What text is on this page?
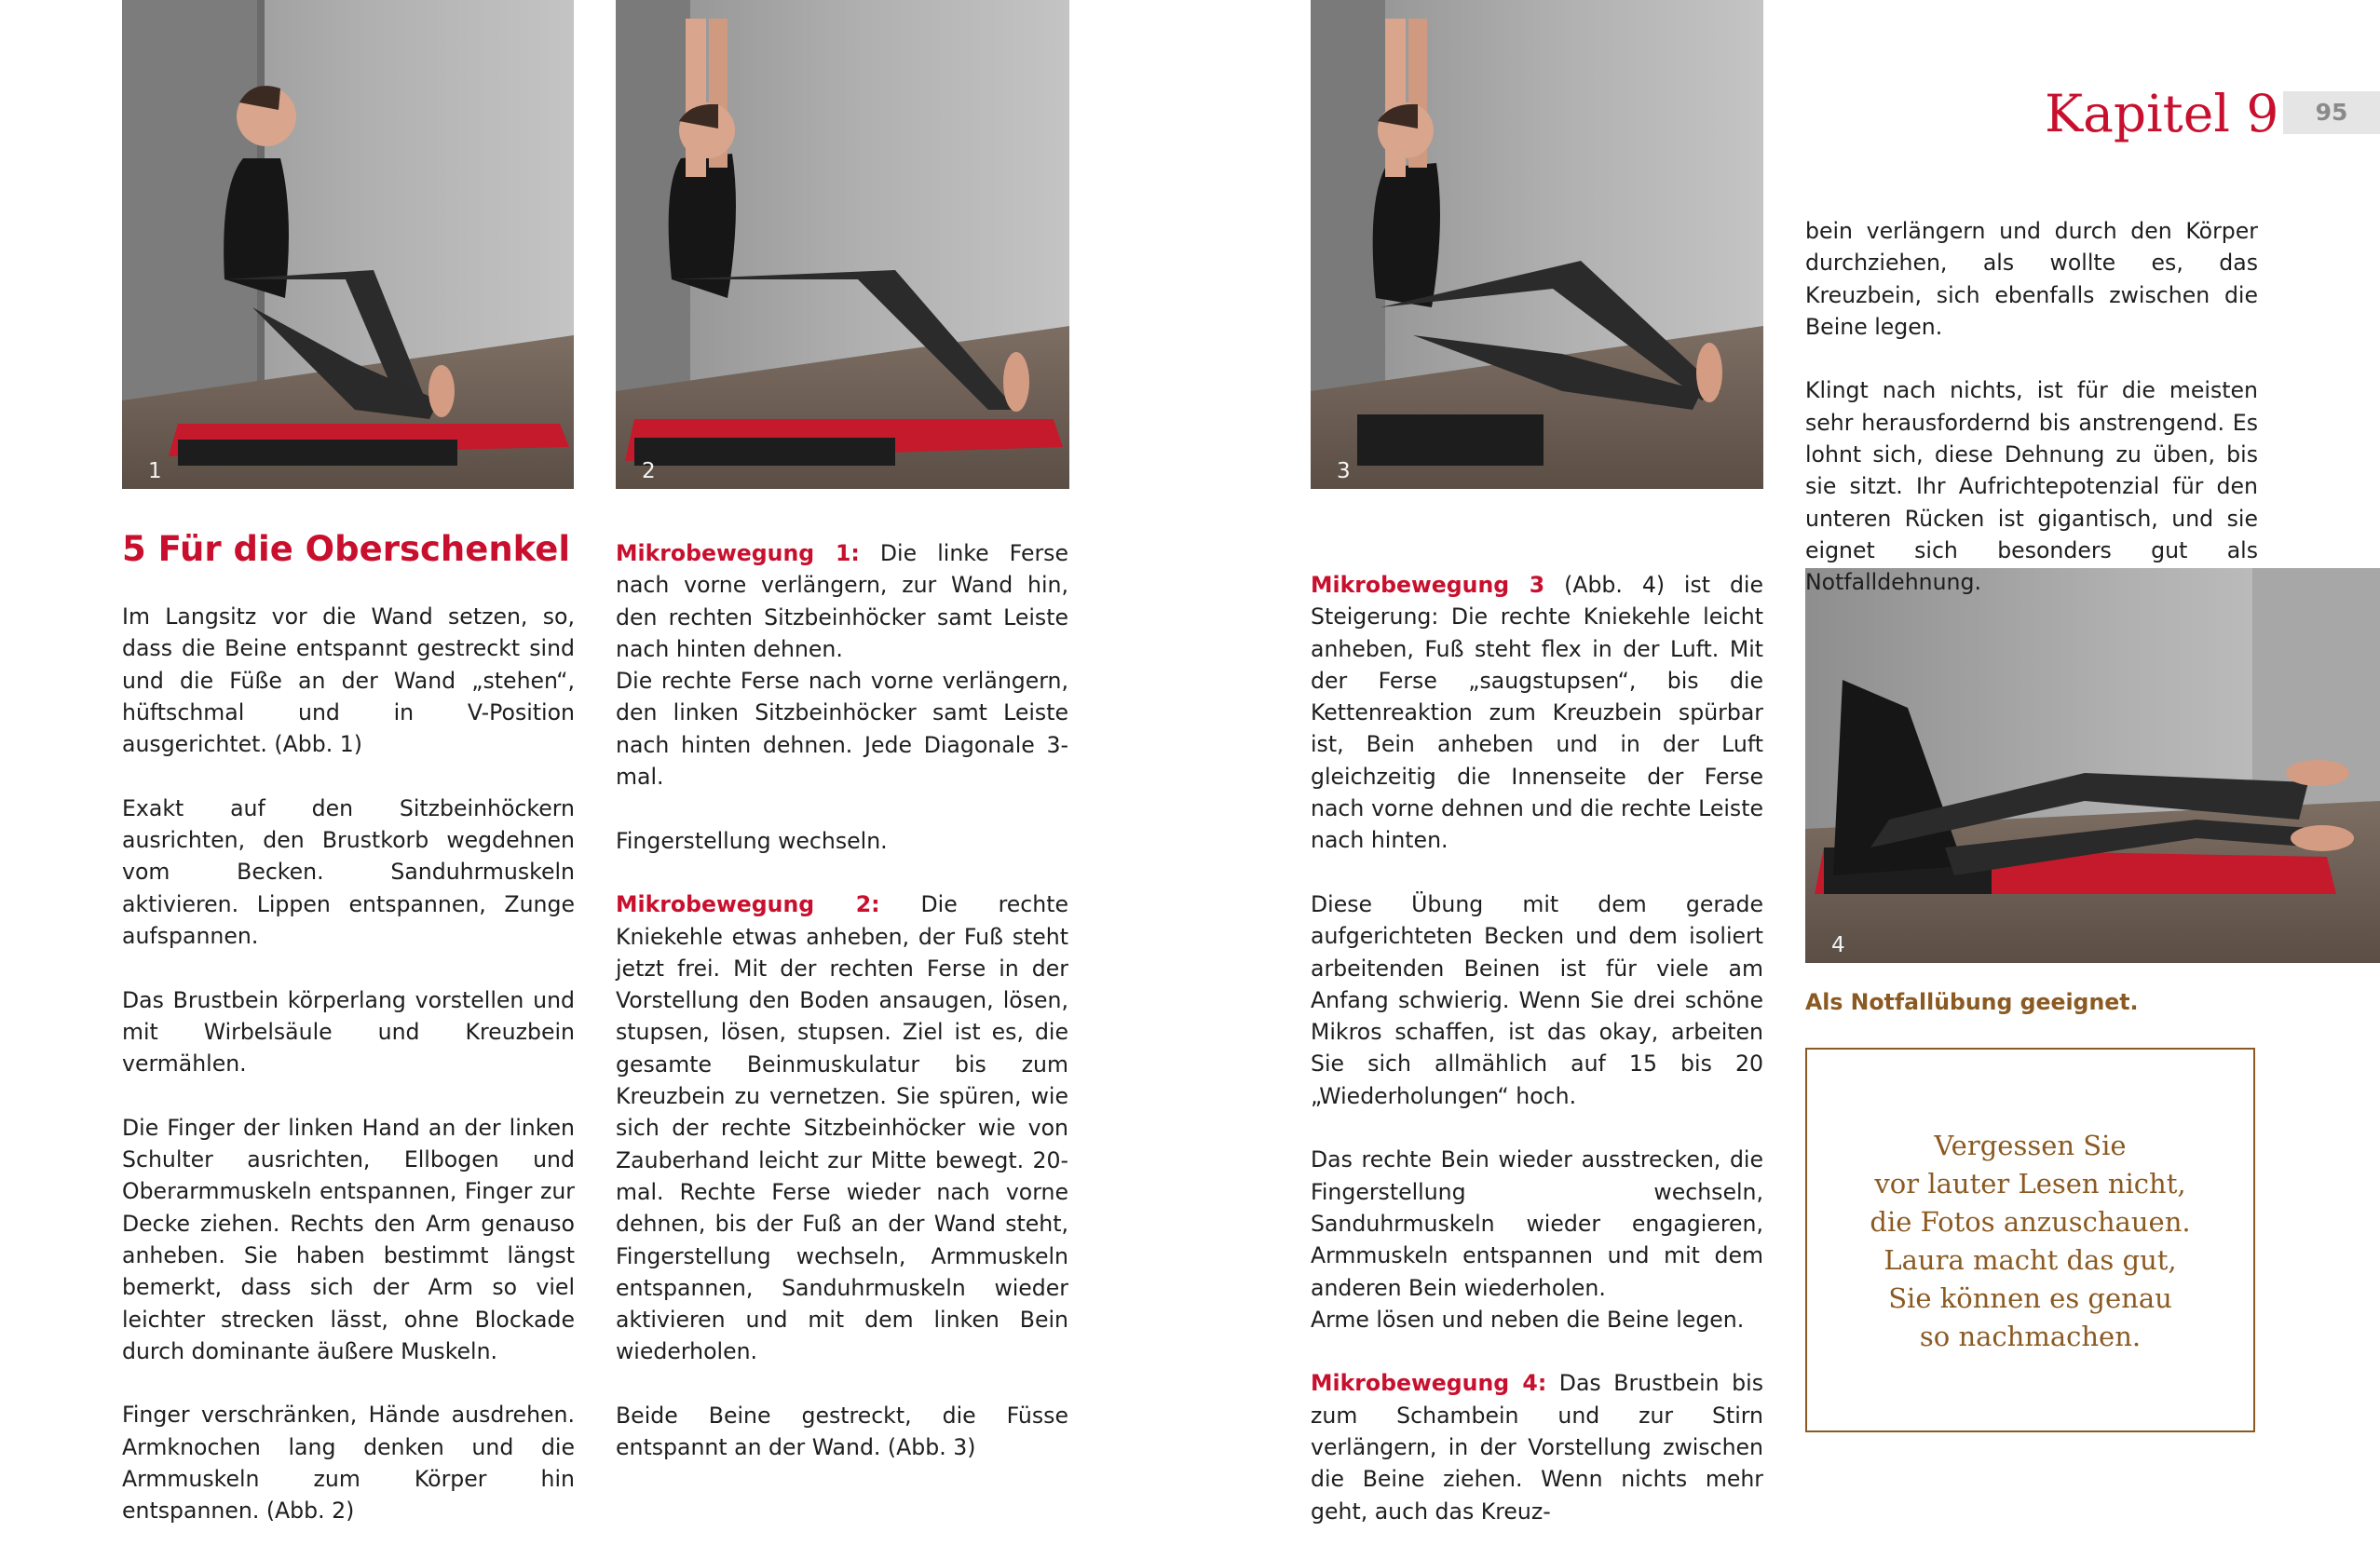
1	2	3
4
Kapitel 9	95
5 Für die Oberschenkel

Im Langsitz vor die Wand setzen, so, dass die Beine entspannt gestreckt sind und die Füße an der Wand „stehen“, hüftschmal und in V-Position ausgerichtet. (Abb. 1)

Exakt auf den Sitzbeinhöckern ausrichten, den Brustkorb wegdehnen vom Becken. Sanduhrmuskeln aktivieren. Lippen entspannen, Zunge aufspannen.

Das Brustbein körperlang vorstellen und mit Wirbelsäule und Kreuzbein vermählen.

Die Finger der linken Hand an der linken Schulter ausrichten, Ellbogen und Oberarmmuskeln entspannen, Finger zur Decke ziehen. Rechts den Arm genauso anheben. Sie haben bestimmt längst bemerkt, dass sich der Arm so viel leichter strecken lässt, ohne Blockade durch dominante äußere Muskeln.

Finger verschränken, Hände ausdrehen. Armknochen lang denken und die Armmuskeln zum Körper hin entspannen. (Abb. 2)

Mikrobewegung 1: Die linke Ferse nach vorne verlängern, zur Wand hin, den rechten Sitzbeinhöcker samt Leiste nach hinten dehnen.

Die rechte Ferse nach vorne verlängern, den linken Sitzbeinhöcker samt Leiste nach hinten dehnen. Jede Diagonale 3-mal.

Fingerstellung wechseln.

Mikrobewegung 2: Die rechte Kniekehle etwas anheben, der Fuß steht jetzt frei. Mit der rechten Ferse in der Vorstellung den Boden ansaugen, lösen, stupsen, lösen, stupsen. Ziel ist es, die gesamte Beinmuskulatur bis zum Kreuzbein zu vernetzen. Sie spüren, wie sich der rechte Sitzbeinhöcker wie von Zauberhand leicht zur Mitte bewegt. 20-mal. Rechte Ferse wieder nach vorne dehnen, bis der Fuß an der Wand steht, Fingerstellung wechseln, Armmuskeln entspannen, Sanduhrmuskeln wieder aktivieren und mit dem linken Bein wiederholen.

Beide Beine gestreckt, die Füsse entspannt an der Wand. (Abb. 3)

Mikrobewegung 3 (Abb. 4) ist die Steigerung: Die rechte Kniekehle leicht anheben, Fuß steht flex in der Luft. Mit der Ferse „saugstupsen“, bis die Kettenreaktion zum Kreuzbein spürbar ist, Bein anheben und in der Luft gleichzeitig die Innenseite der Ferse nach vorne dehnen und die rechte Leiste nach hinten.

Diese Übung mit dem gerade aufgerichteten Becken und dem isoliert arbeitenden Beinen ist für viele am Anfang schwierig. Wenn Sie drei schöne Mikros schaffen, ist das okay, arbeiten Sie sich allmählich auf 15 bis 20 „Wiederholungen“ hoch.

Das rechte Bein wieder ausstrecken, die Fingerstellung wechseln, Sanduhrmuskeln wieder engagieren, Armmuskeln entspannen und mit dem anderen Bein wiederholen.

Arme lösen und neben die Beine legen.

Mikrobewegung 4: Das Brustbein bis zum Schambein und zur Stirn verlängern, in der Vorstellung zwischen die Beine ziehen. Wenn nichts mehr geht, auch das Kreuz-

bein verlängern und durch den Körper durchziehen, als wollte es, das Kreuzbein, sich ebenfalls zwischen die Beine legen.

Klingt nach nichts, ist für die meisten sehr herausfordernd bis anstrengend. Es lohnt sich, diese Dehnung zu üben, bis sie sitzt. Ihr Aufrichtepotenzial für den unteren Rücken ist gigantisch, und sie eignet sich besonders gut als Notfalldehnung.

Als Notfallübung geeignet.
Vergessen Sie
vor lauter Lesen nicht,
die Fotos anzuschauen.
Laura macht das gut,
Sie können es genau
so nachmachen.
